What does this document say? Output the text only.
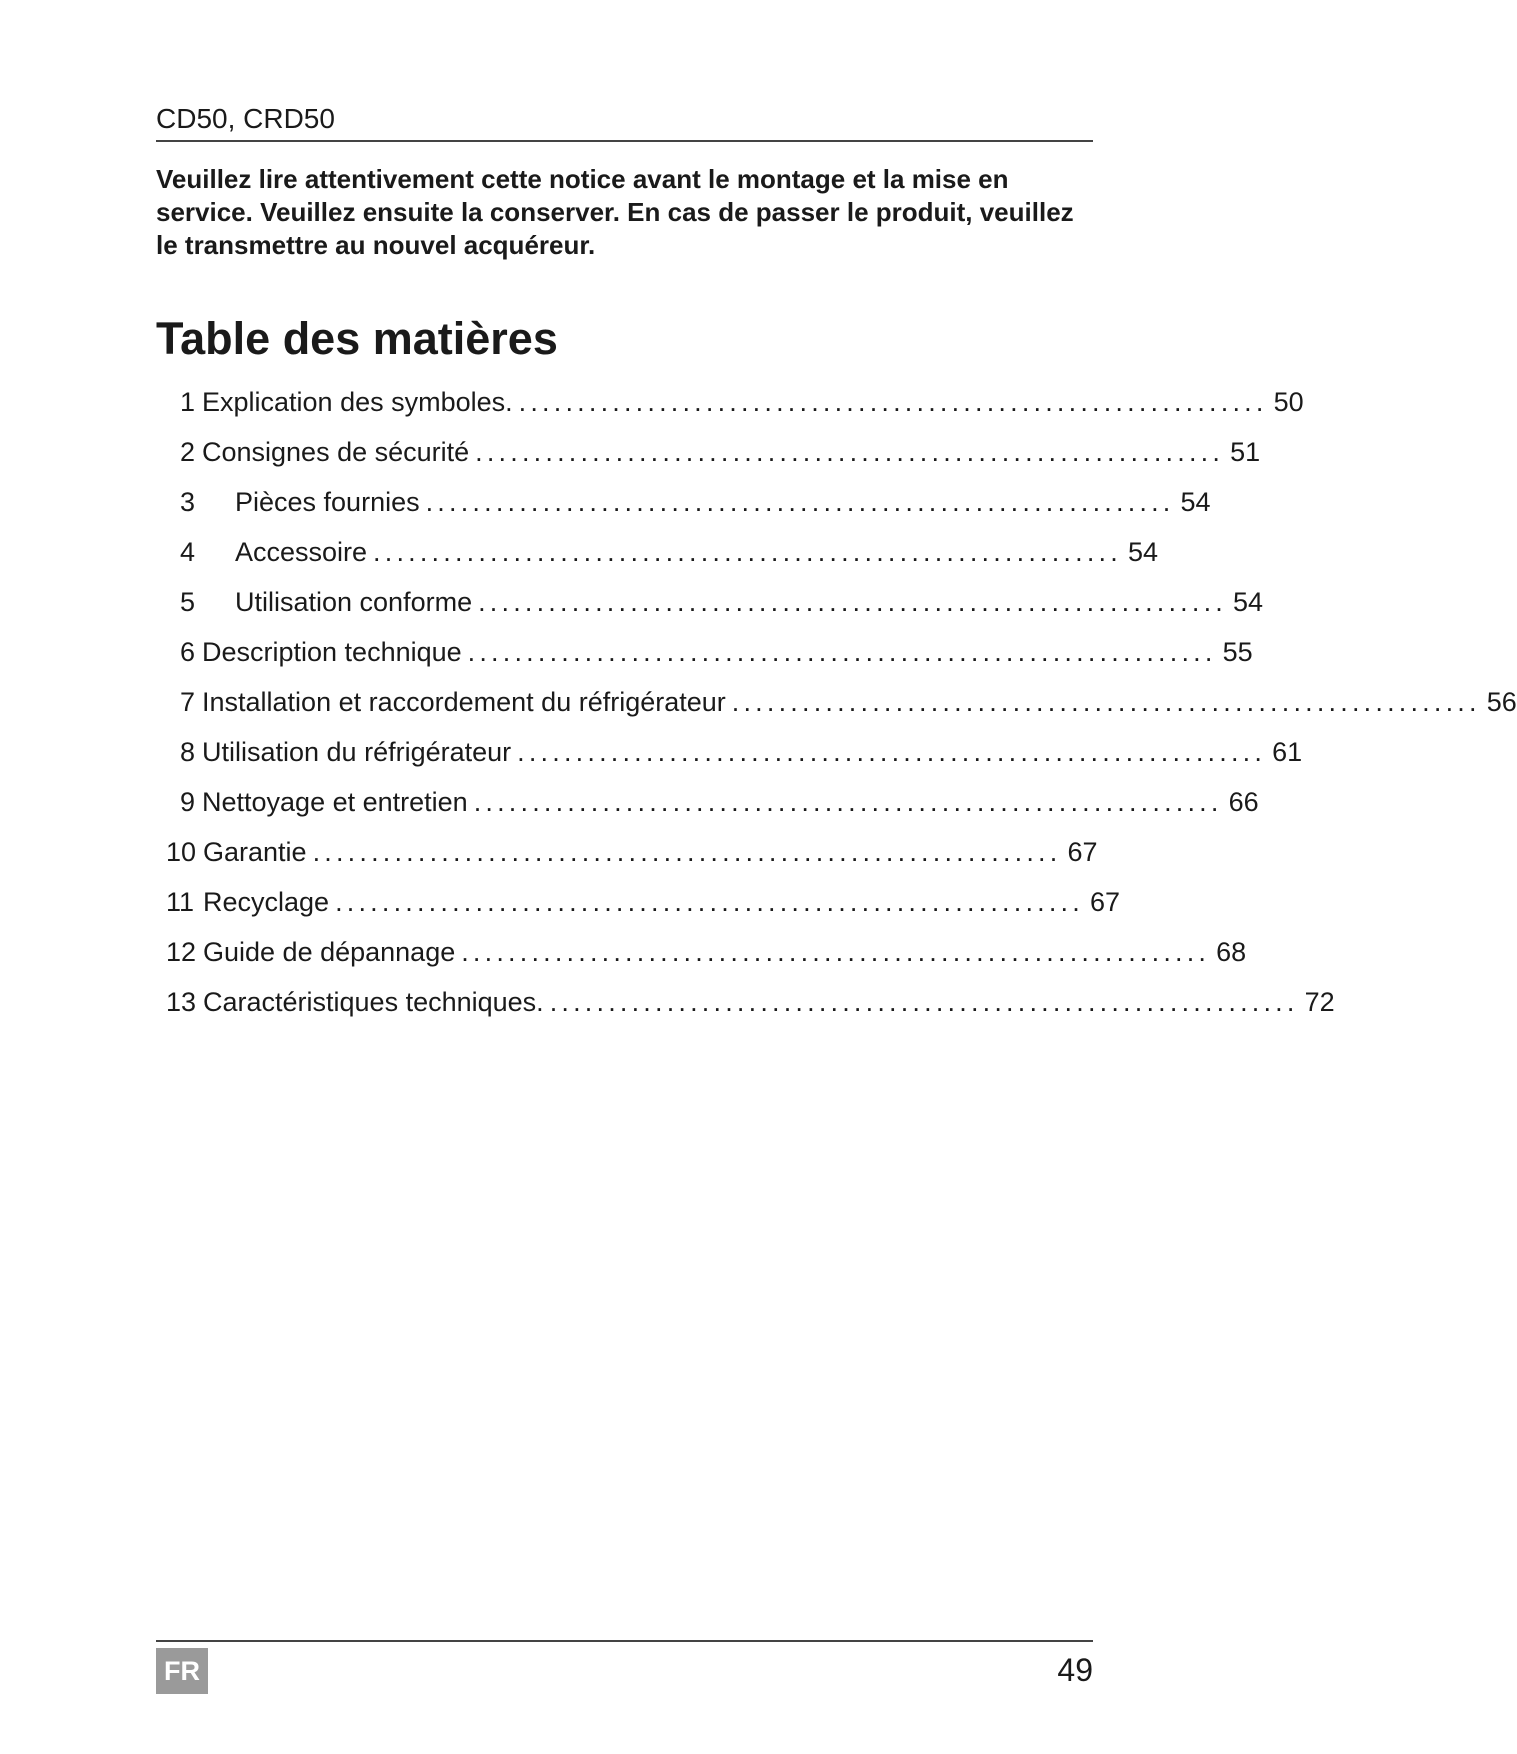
CD50, CRD50
Veuillez lire attentivement cette notice avant le montage et la mise en service. Veuillez ensuite la conserver. En cas de passer le produit, veuillez le transmettre au nouvel acquéreur.
Table des matières
1 Explication des symboles. ................................................................ 50
2 Consignes de sécurité ................................................................ 51
3	Pièces fournies ................................................................ 54
4	Accessoire ................................................................ 54
5	Utilisation conforme ................................................................ 54
6 Description technique ................................................................ 55
7 Installation et raccordement du réfrigérateur ................................................................ 56
8 Utilisation du réfrigérateur ................................................................ 61
9 Nettoyage et entretien ................................................................ 66
10 Garantie ................................................................ 67
11 Recyclage ................................................................ 67
12 Guide de dépannage ................................................................ 68
13 Caractéristiques techniques. ................................................................ 72
FR	49
